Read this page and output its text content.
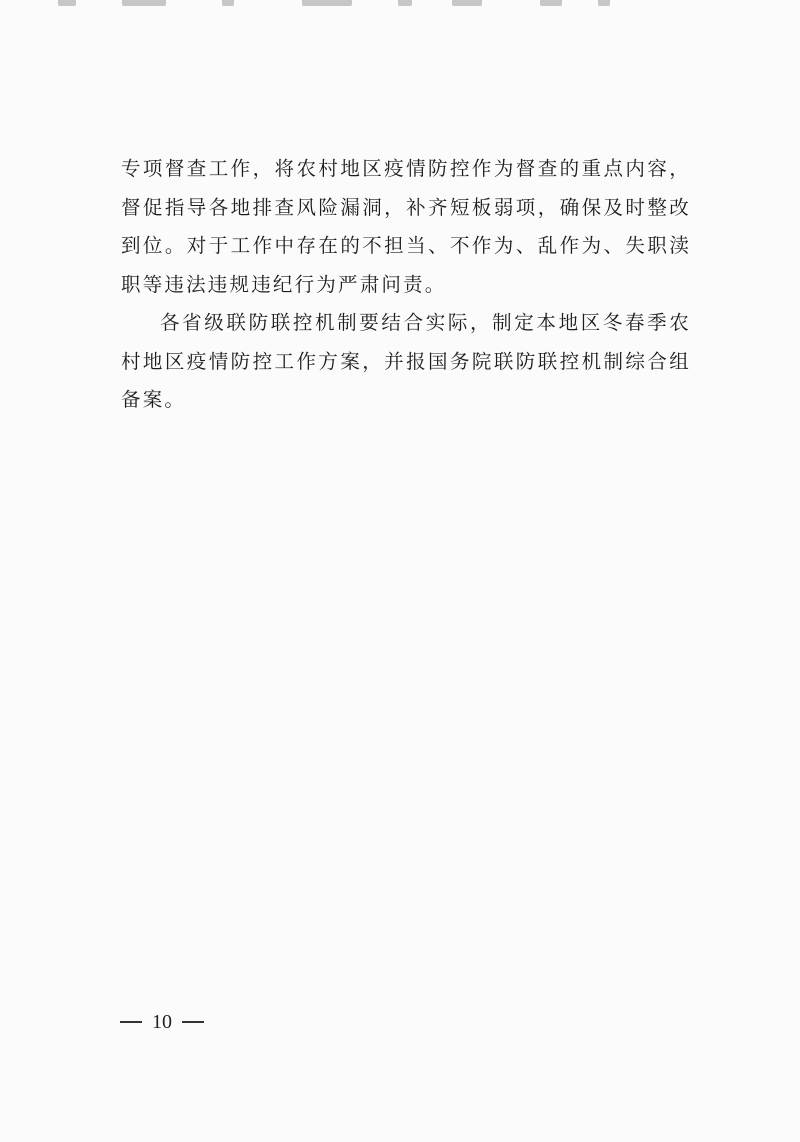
专项督查工作，将农村地区疫情防控作为督查的重点内容，督促指导各地排查风险漏洞，补齐短板弱项，确保及时整改到位。对于工作中存在的不担当、不作为、乱作为、失职渎职等违法违规违纪行为严肃问责。

各省级联防联控机制要结合实际，制定本地区冬春季农村地区疫情防控工作方案，并报国务院联防联控机制综合组备案。

10
